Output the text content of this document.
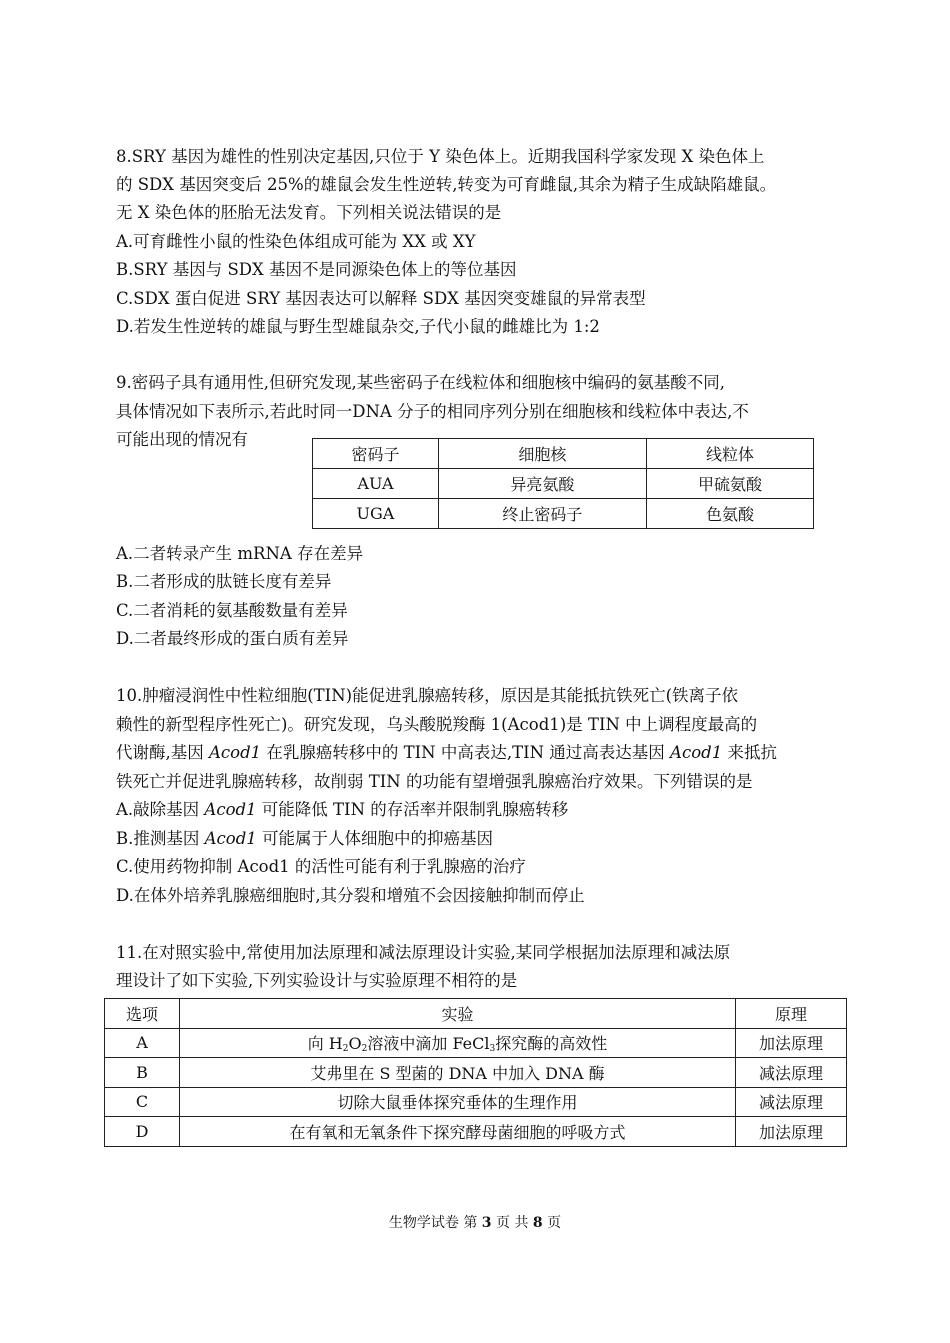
8.SRY 基因为雄性的性别决定基因,只位于 Y 染色体上。近期我国科学家发现 X 染色体上
的 SDX 基因突变后 25%的雄鼠会发生性逆转,转变为可育雌鼠,其余为精子生成缺陷雄鼠。
无 X 染色体的胚胎无法发育。下列相关说法错误的是
A.可育雌性小鼠的性染色体组成可能为 XX 或 XY
B.SRY 基因与 SDX 基因不是同源染色体上的等位基因
C.SDX 蛋白促进 SRY 基因表达可以解释 SDX 基因突变雄鼠的异常表型
D.若发生性逆转的雄鼠与野生型雄鼠杂交,子代小鼠的雌雄比为 1:2
9.密码子具有通用性,但研究发现,某些密码子在线粒体和细胞核中编码的氨基酸不同,
具体情况如下表所示,若此时同一DNA 分子的相同序列分别在细胞核和线粒体中表达,不
可能出现的情况有
密码子	细胞核	线粒体
AUA	异亮氨酸	甲硫氨酸
UGA	终止密码子	色氨酸
A.二者转录产生 mRNA 存在差异
B.二者形成的肽链长度有差异
C.二者消耗的氨基酸数量有差异
D.二者最终形成的蛋白质有差异
10.肿瘤浸润性中性粒细胞(TIN)能促进乳腺癌转移，原因是其能抵抗铁死亡(铁离子依
赖性的新型程序性死亡)。研究发现，乌头酸脱羧酶 1(Acod1)是 TIN 中上调程度最高的
代谢酶,基因 Acod1 在乳腺癌转移中的 TIN 中高表达,TIN 通过高表达基因 Acod1 来抵抗
铁死亡并促进乳腺癌转移，故削弱 TIN 的功能有望增强乳腺癌治疗效果。下列错误的是
A.敲除基因 Acod1 可能降低 TIN 的存活率并限制乳腺癌转移
B.推测基因 Acod1 可能属于人体细胞中的抑癌基因
C.使用药物抑制 Acod1 的活性可能有利于乳腺癌的治疗
D.在体外培养乳腺癌细胞时,其分裂和增殖不会因接触抑制而停止
11.在对照实验中,常使用加法原理和减法原理设计实验,某同学根据加法原理和减法原
理设计了如下实验,下列实验设计与实验原理不相符的是
选项	实验	原理
A	向 $H_2O_2$溶液中滴加 FeCl$_3$探究酶的高效性	加法原理
B	艾弗里在 S 型菌的 DNA 中加入 DNA 酶	减法原理
C	切除大鼠垂体探究垂体的生理作用	减法原理
D	在有氧和无氧条件下探究酵母菌细胞的呼吸方式	加法原理
生物学试卷 第 3 页 共 8 页
